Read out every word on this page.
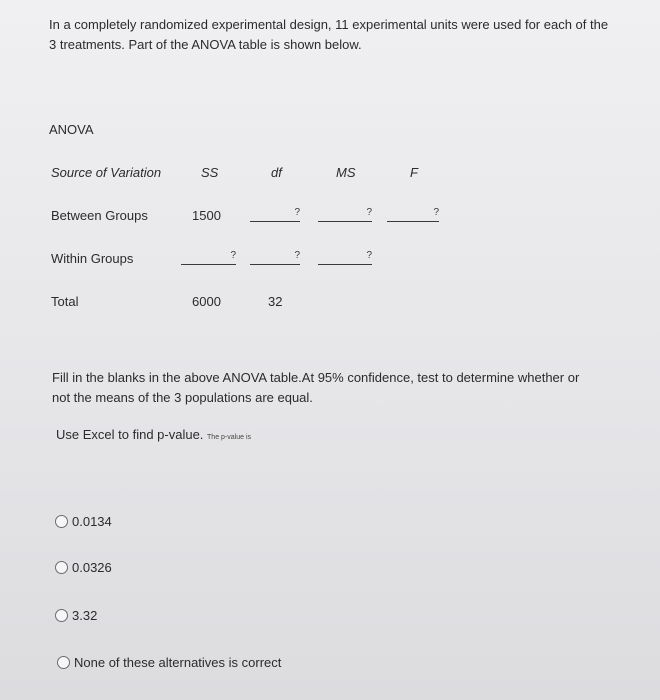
In a completely randomized experimental design, 11 experimental units were used for each of the 3 treatments. Part of the ANOVA table is shown below.
ANOVA
Source of Variation	SS	df	MS	F
Between Groups	1500	?	?	?
Within Groups	?	?	?
Total	6000	32
Fill in the blanks in the above ANOVA table.At 95% confidence, test to determine whether or not the means of the 3 populations are equal.
Use Excel to find p-value. The p-value is
0.0134
0.0326
3.32
None of these alternatives is correct
